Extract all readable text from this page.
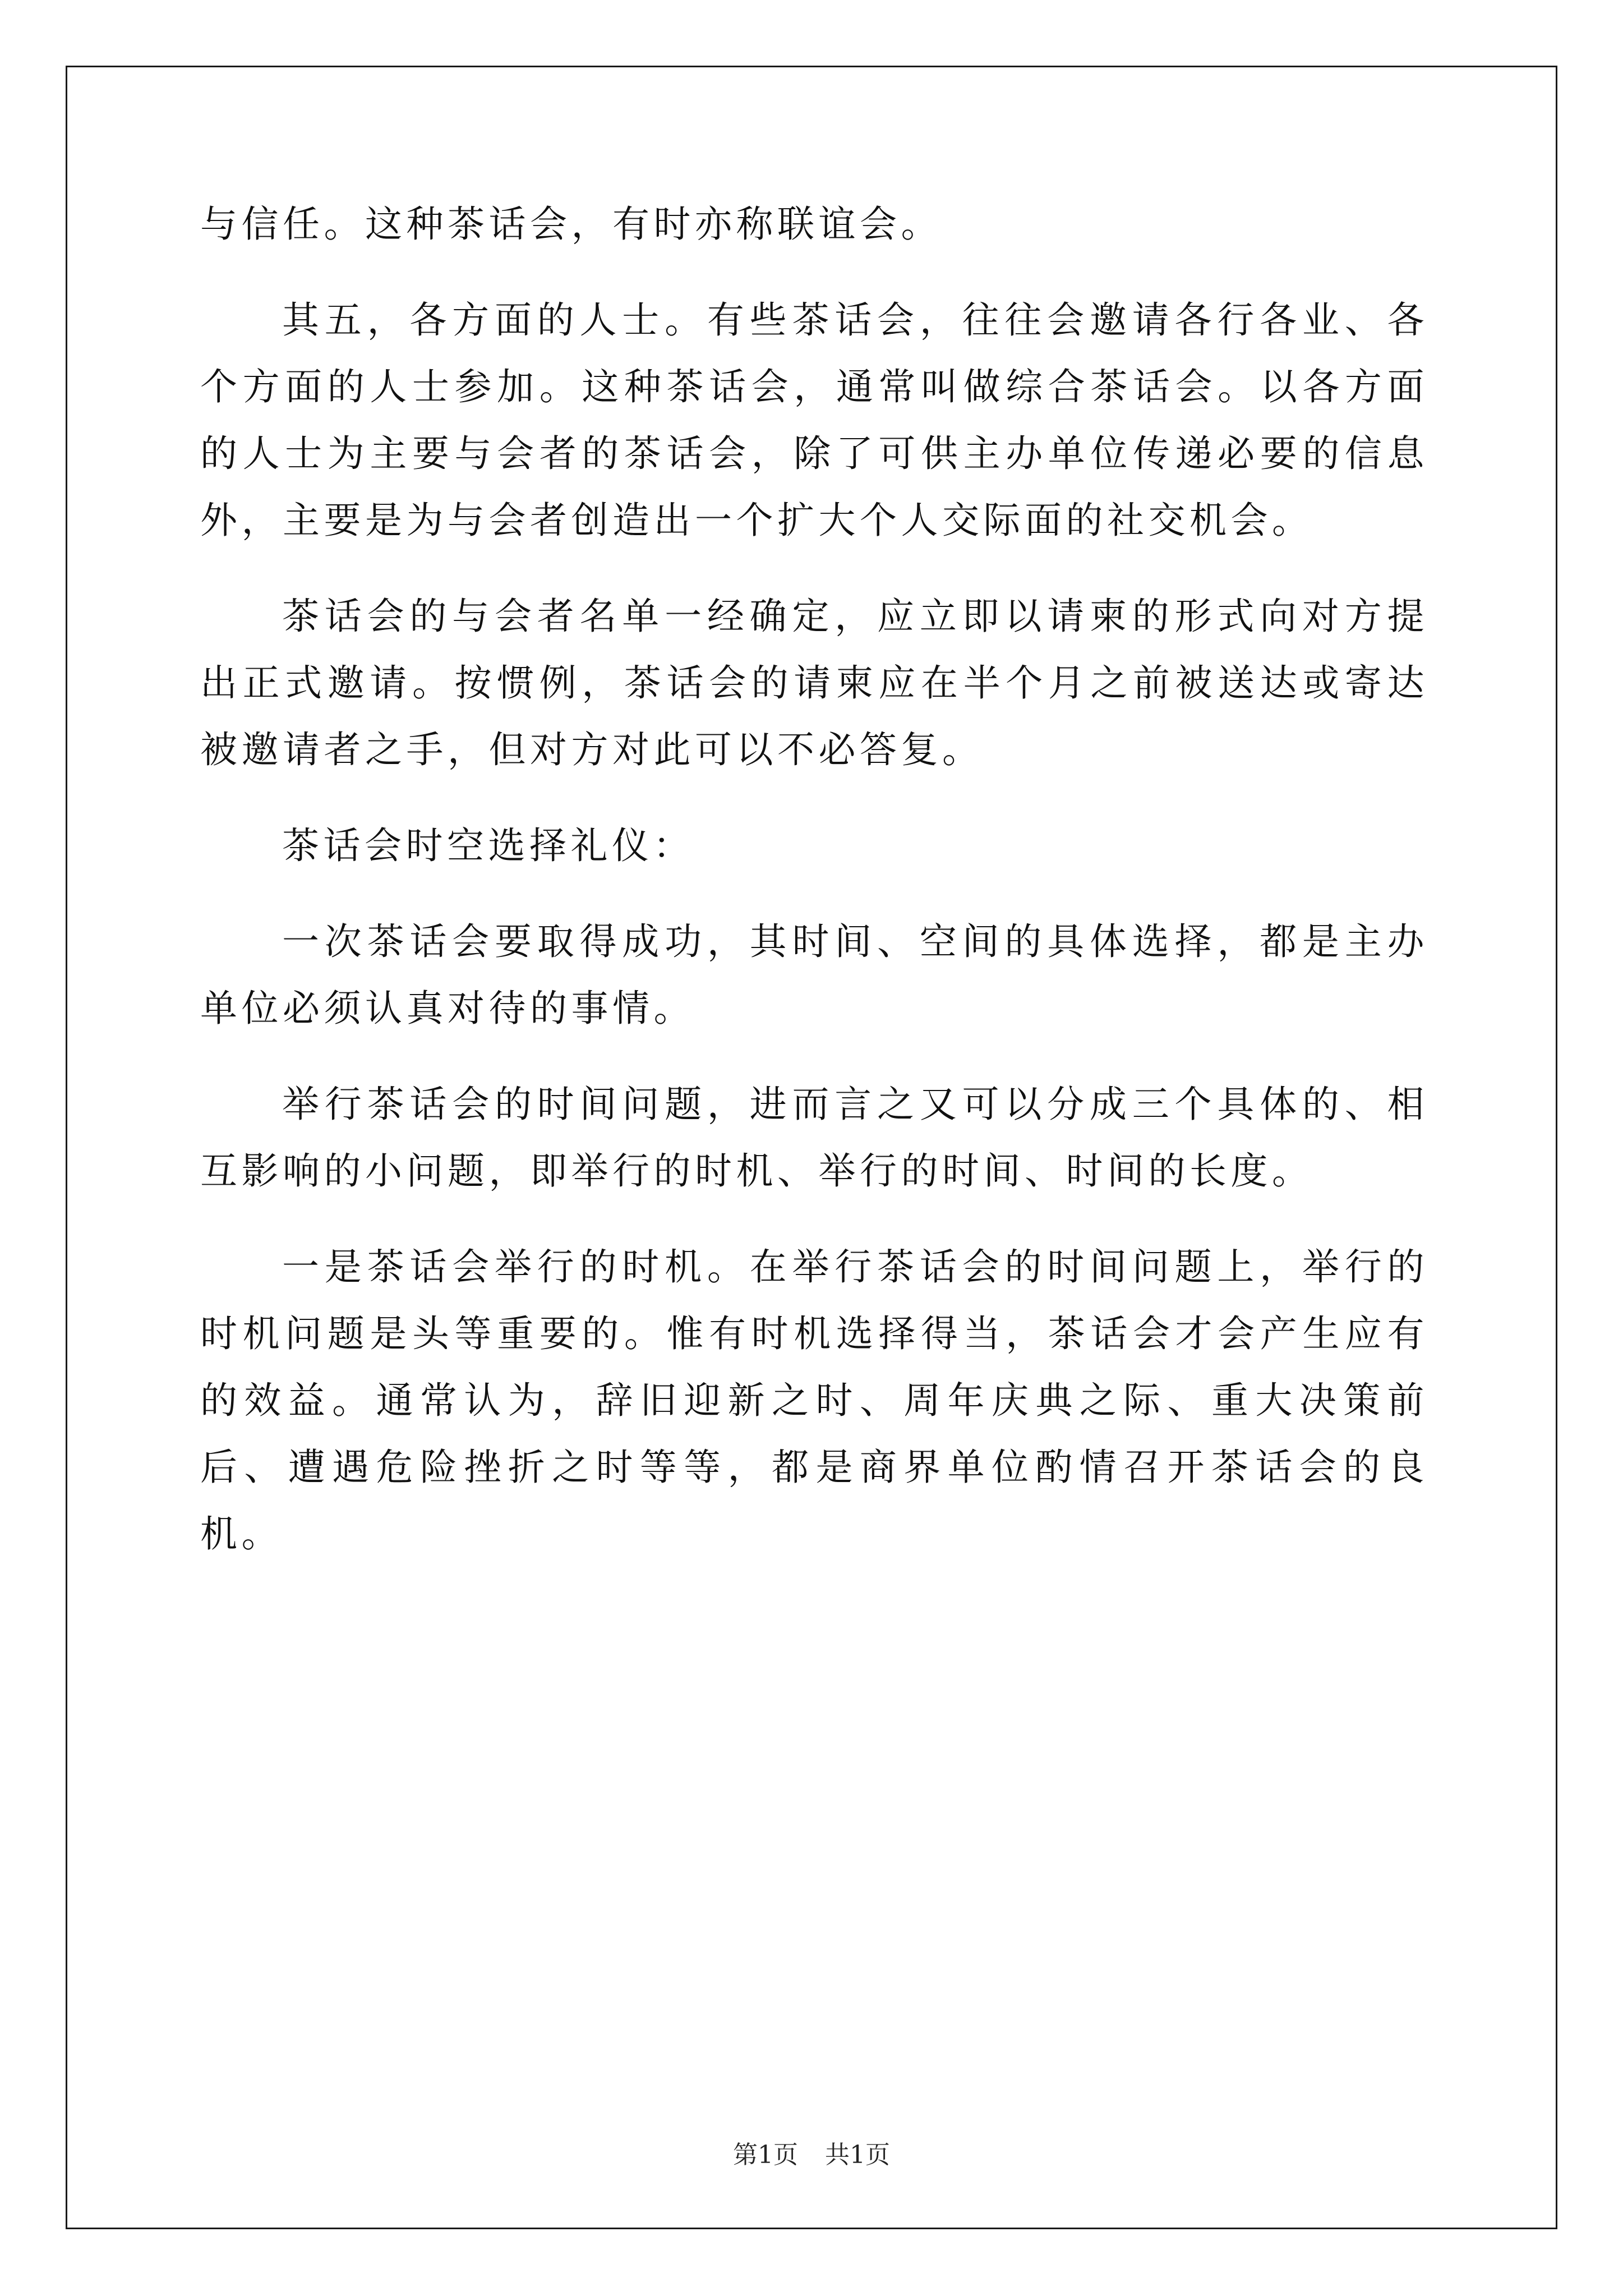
与信任。这种茶话会，有时亦称联谊会。

其五，各方面的人士。有些茶话会，往往会邀请各行各业、各个方面的人士参加。这种茶话会，通常叫做综合茶话会。以各方面的人士为主要与会者的茶话会，除了可供主办单位传递必要的信息外，主要是为与会者创造出一个扩大个人交际面的社交机会。

茶话会的与会者名单一经确定，应立即以请柬的形式向对方提出正式邀请。按惯例，茶话会的请柬应在半个月之前被送达或寄达被邀请者之手，但对方对此可以不必答复。

茶话会时空选择礼仪：

一次茶话会要取得成功，其时间、空间的具体选择，都是主办单位必须认真对待的事情。

举行茶话会的时间问题，进而言之又可以分成三个具体的、相互影响的小问题，即举行的时机、举行的时间、时间的长度。

一是茶话会举行的时机。在举行茶话会的时间问题上，举行的时机问题是头等重要的。惟有时机选择得当，茶话会才会产生应有的效益。通常认为，辞旧迎新之时、周年庆典之际、重大决策前后、遭遇危险挫折之时等等，都是商界单位酌情召开茶话会的良机。

第1页 共1页
